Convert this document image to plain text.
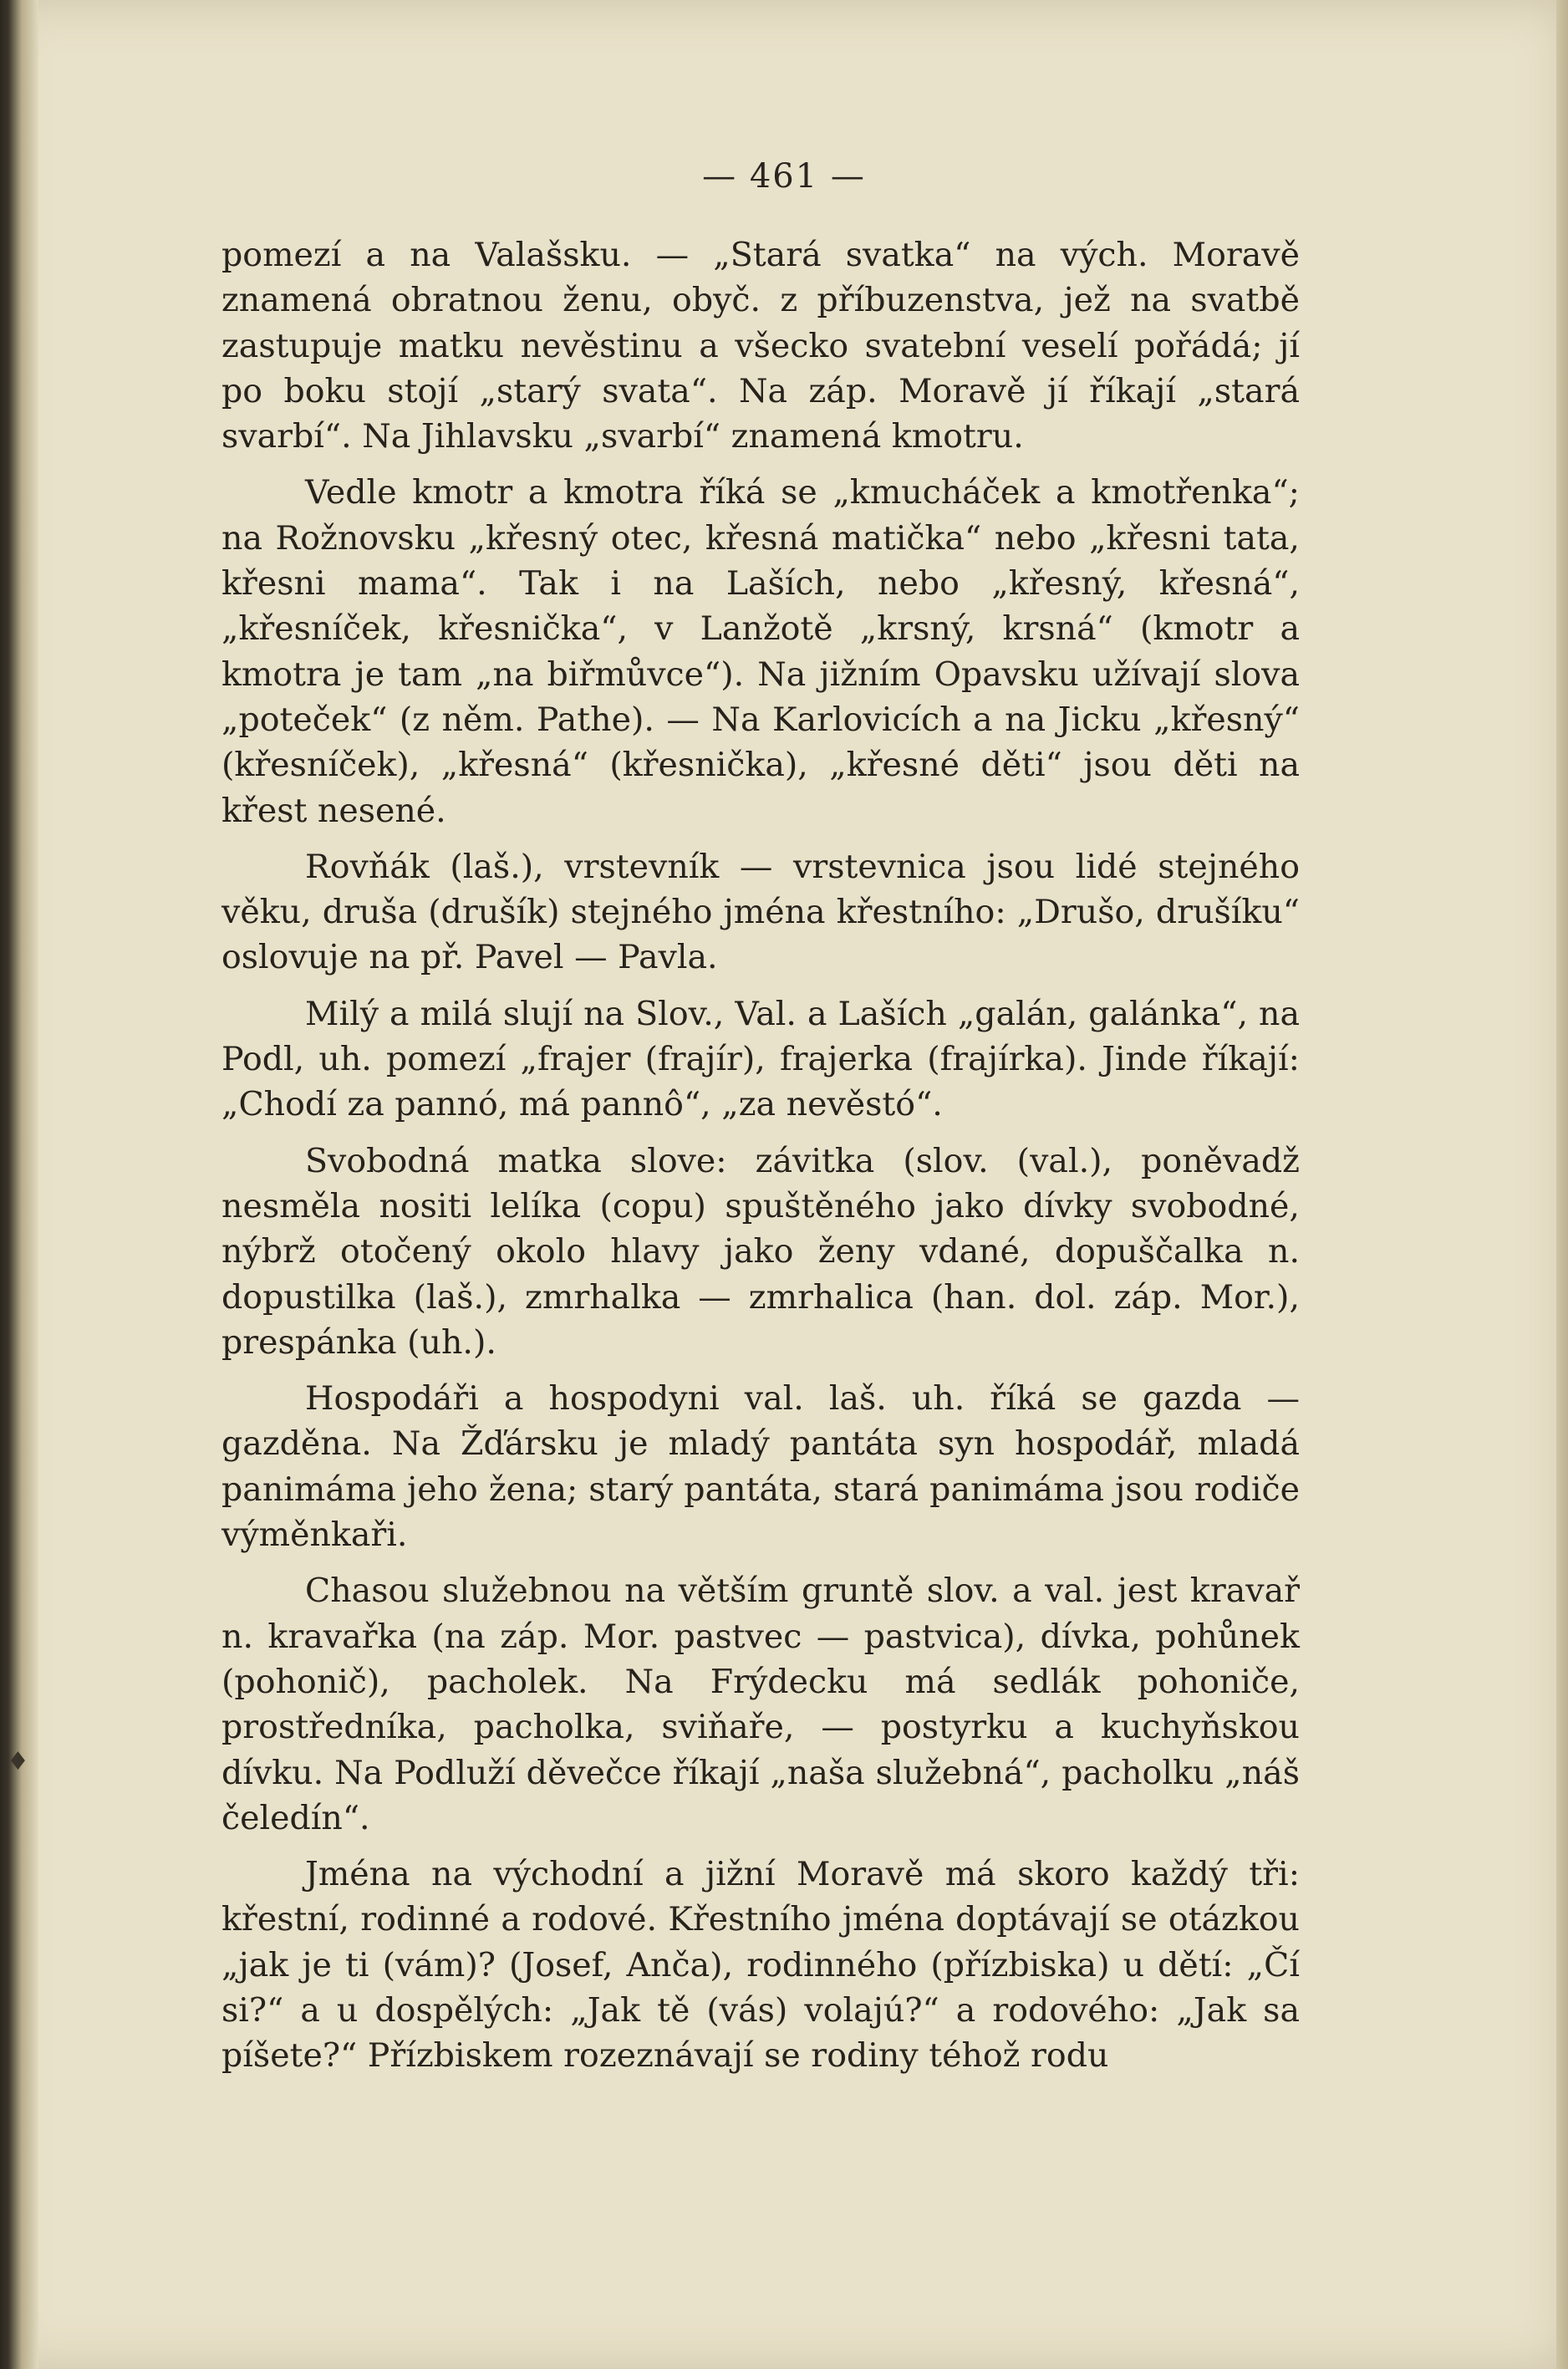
— 461 —

pomezí a na Valašsku. — „Stará svatka“ na vých. Moravě znamená obratnou ženu, obyč. z příbuzenstva, jež na svatbě zastupuje matku nevěstinu a všecko svatební veselí pořádá; jí po boku stojí „starý svata“. Na záp. Moravě jí říkají „stará svarbí“. Na Jihlavsku „svarbí“ znamená kmotru.

Vedle kmotr a kmotra říká se „kmucháček a kmotřenka“; na Rožnovsku „křesný otec, křesná matička“ nebo „křesni tata, křesni mama“. Tak i na Laších, nebo „křesný, křesná“, „křesníček, křesnička“, v Lanžotě „krsný, krsná“ (kmotr a kmotra je tam „na biřmůvce“). Na jižním Opavsku užívají slova „poteček“ (z něm. Pathe). — Na Karlovicích a na Jicku „křesný“ (křesníček), „křesná“ (křesnička), „křesné děti“ jsou děti na křest nesené.

Rovňák (laš.), vrstevník — vrstevnica jsou lidé stejného věku, druša (drušík) stejného jména křestního: „Drušo, drušíku“ oslovuje na př. Pavel — Pavla.

Milý a milá slují na Slov., Val. a Laších „galán, galánka“, na Podl, uh. pomezí „frajer (frajír), frajerka (frajírka). Jinde říkají: „Chodí za pannó, má pannô“, „za nevěstó“.

Svobodná matka slove: závitka (slov. (val.), poněvadž nesměla nositi lelíka (copu) spuštěného jako dívky svobodné, nýbrž otočený okolo hlavy jako ženy vdané, dopuščalka n. dopustilka (laš.), zmrhalka — zmrhalica (han. dol. záp. Mor.), prespánka (uh.).

Hospodáři a hospodyni val. laš. uh. říká se gazda — gazděna. Na Žďársku je mladý pantáta syn hospodář, mladá panimáma jeho žena; starý pantáta, stará panimáma jsou rodiče výměnkaři.

Chasou služebnou na větším gruntě slov. a val. jest kravař n. kravařka (na záp. Mor. pastvec — pastvica), dívka, pohůnek (pohonič), pacholek. Na Frýdecku má sedlák pohoniče, prostředníka, pacholka, sviňaře, — postyrku a kuchyňskou dívku. Na Podluží děvečce říkají „naša služebná“, pacholku „náš čeledín“.

Jména na východní a jižní Moravě má skoro každý tři: křestní, rodinné a rodové. Křestního jména doptávají se otázkou „jak je ti (vám)? (Josef, Anča), rodinného (přízbiska) u dětí: „Čí si?“ a u dospělých: „Jak tě (vás) volajú?“ a rodového: „Jak sa píšete?“ Přízbiskem rozeznávají se rodiny téhož rodu

♦
